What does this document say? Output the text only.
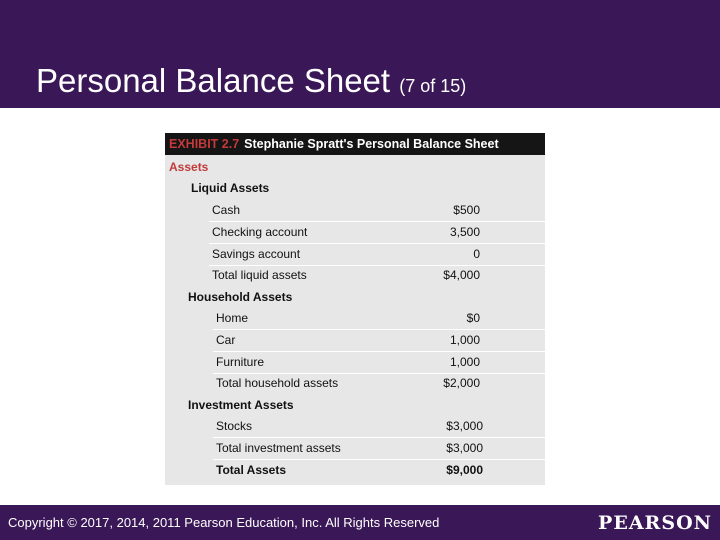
Personal Balance Sheet (7 of 15)
EXHIBIT 2.7 Stephanie Spratt's Personal Balance Sheet
Assets
Liquid Assets
Cash	$500
Checking account	3,500
Savings account	0
Total liquid assets	$4,000
Household Assets
Home	$0
Car	1,000
Furniture	1,000
Total household assets	$2,000
Investment Assets
Stocks	$3,000
Total investment assets	$3,000
Total Assets	$9,000
Copyright © 2017, 2014, 2011 Pearson Education, Inc. All Rights Reserved	PEARSON
